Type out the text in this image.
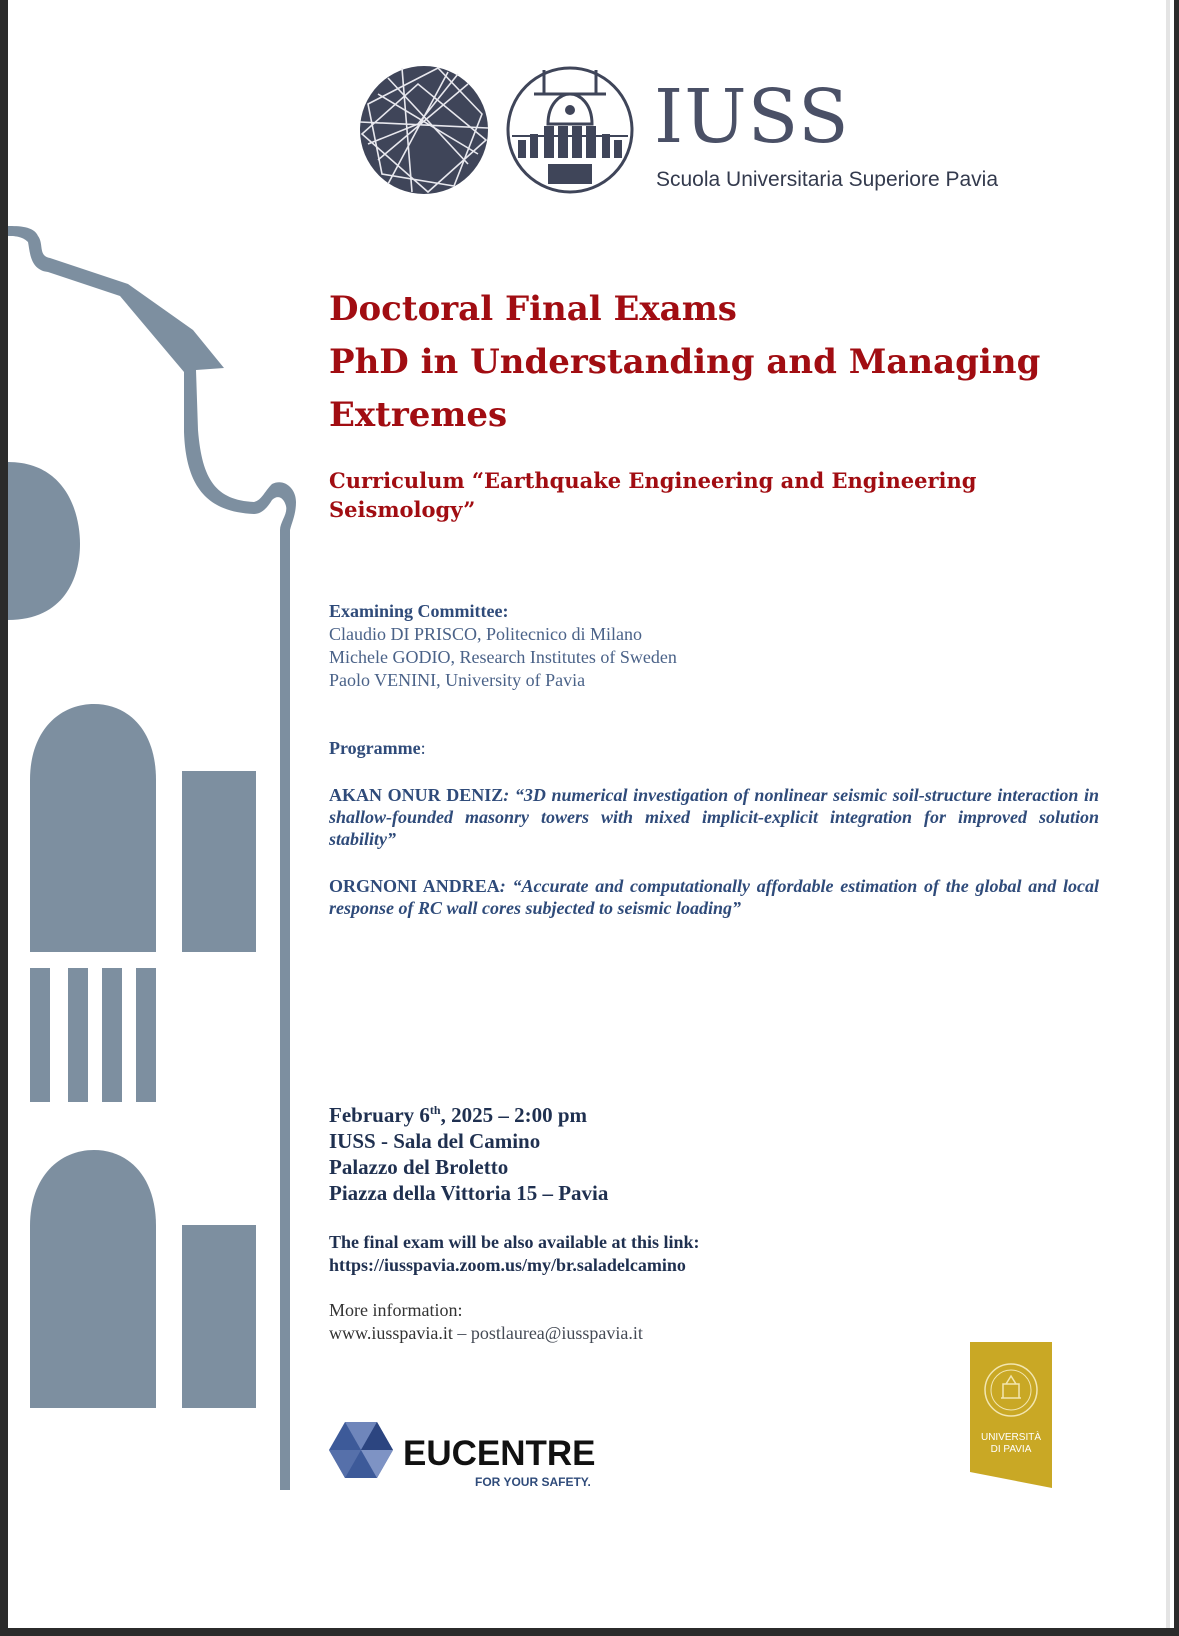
IUSS
Scuola Universitaria Superiore Pavia
Doctoral Final Exams
PhD in Understanding and Managing
Extremes
Curriculum “Earthquake Engineering and Engineering
Seismology”
Examining Committee:
Claudio DI PRISCO, Politecnico di Milano
Michele GODIO, Research Institutes of Sweden
Paolo VENINI, University of Pavia
Programme:
AKAN ONUR DENIZ: “3D numerical investigation of nonlinear seismic soil-structure interaction in shallow-founded masonry towers with mixed implicit-explicit integration for improved solution stability”
ORGNONI ANDREA: “Accurate and computationally affordable estimation of the global and local response of RC wall cores subjected to seismic loading”
February 6th, 2025 – 2:00 pm
IUSS - Sala del Camino
Palazzo del Broletto
Piazza della Vittoria 15 – Pavia
The final exam will be also available at this link:
https://iusspavia.zoom.us/my/br.saladelcamino
More information:
www.iusspavia.it – postlaurea@iusspavia.it
EUCENTRE
FOR YOUR SAFETY.
UNIVERSITÀ
DI PAVIA
